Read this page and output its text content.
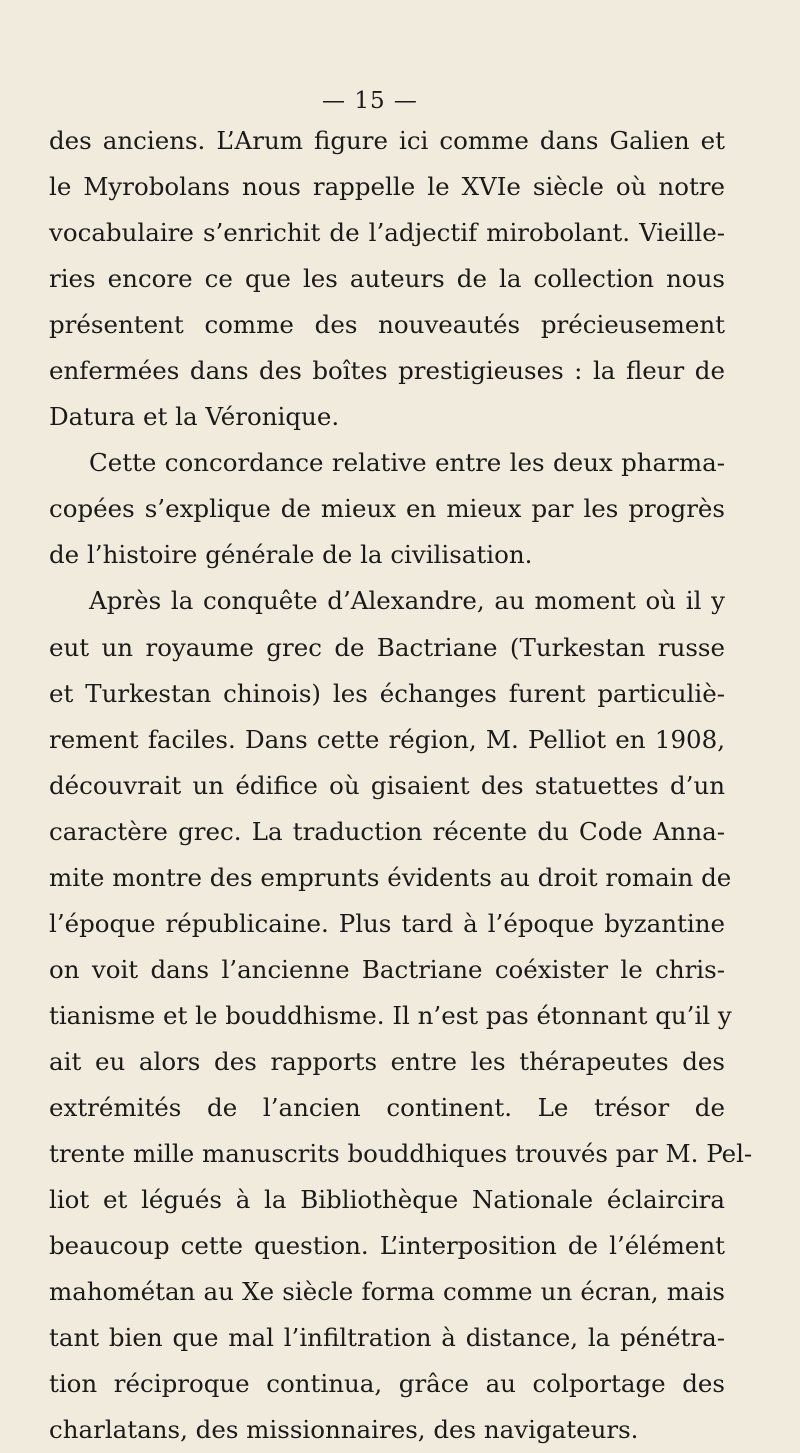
— 15 —
des anciens. L’Arum figure ici comme dans Galien et
le Myrobolans nous rappelle le XVIe siècle où notre
vocabulaire s’enrichit de l’adjectif mirobolant. Vieille-
ries encore ce que les auteurs de la collection nous
présentent comme des nouveautés précieusement
enfermées dans des boîtes prestigieuses : la fleur de
Datura et la Véronique.
Cette concordance relative entre les deux pharma-
copées s’explique de mieux en mieux par les progrès
de l’histoire générale de la civilisation.
Après la conquête d’Alexandre, au moment où il y
eut un royaume grec de Bactriane (Turkestan russe
et Turkestan chinois) les échanges furent particuliè-
rement faciles. Dans cette région, M. Pelliot en 1908,
découvrait un édifice où gisaient des statuettes d’un
caractère grec. La traduction récente du Code Anna-
mite montre des emprunts évidents au droit romain de
l’époque républicaine. Plus tard à l’époque byzantine
on voit dans l’ancienne Bactriane coéxister le chris-
tianisme et le bouddhisme. Il n’est pas étonnant qu’il y
ait eu alors des rapports entre les thérapeutes des
extrémités de l’ancien continent. Le trésor de
trente mille manuscrits bouddhiques trouvés par M. Pel-
liot et légués à la Bibliothèque Nationale éclaircira
beaucoup cette question. L’interposition de l’élément
mahométan au Xe siècle forma comme un écran, mais
tant bien que mal l’infiltration à distance, la pénétra-
tion réciproque continua, grâce au colportage des
charlatans, des missionnaires, des navigateurs.
